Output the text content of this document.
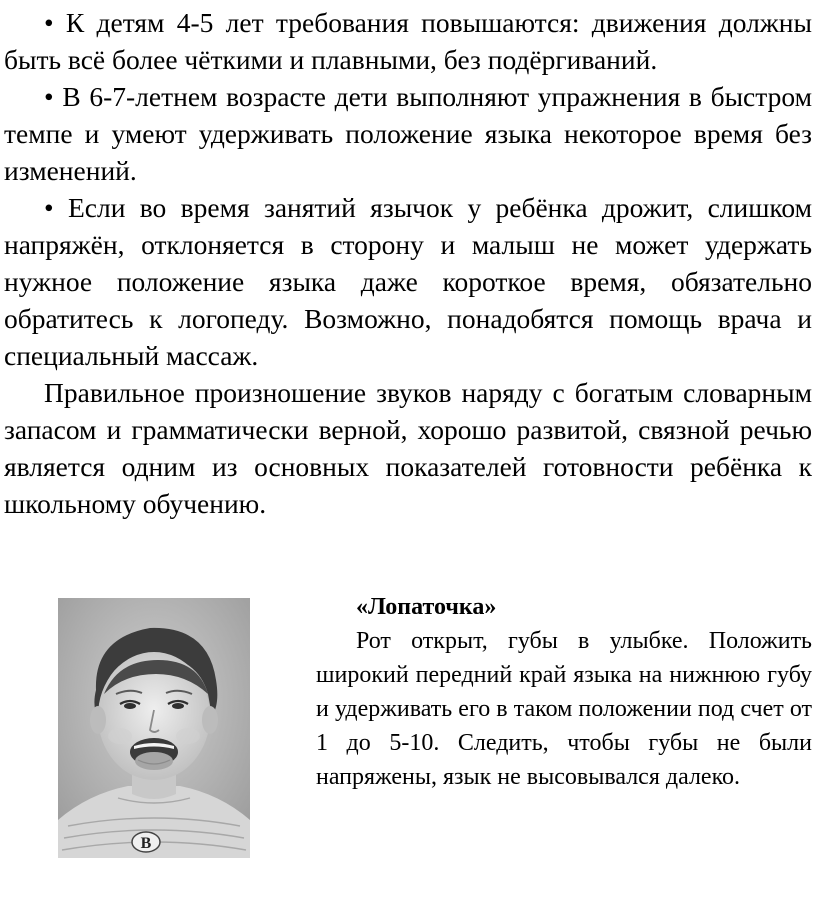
• К детям 4-5 лет требования повышаются: движения должны быть всё более чёткими и плавными, без подёргиваний.

• В 6-7-летнем возрасте дети выполняют упражнения в быстром темпе и умеют удерживать положение языка некоторое время без изменений.

• Если во время занятий язычок у ребёнка дрожит, слишком напряжён, отклоняется в сторону и малыш не может удержать нужное положение языка даже короткое время, обязательно обратитесь к логопеду. Возможно, понадобятся помощь врача и специальный массаж.

Правильное произношение звуков наряду с богатым словарным запасом и грамматически верной, хорошо развитой, связной речью является одним из основных показателей готовности ребёнка к школьному обучению.

B

«Лопаточка»

Рот открыт, губы в улыбке. Положить широкий передний край языка на нижнюю губу и удерживать его в таком положении под счет от 1 до 5-10. Следить, чтобы губы не были напряжены, язык не высовывался далеко.
